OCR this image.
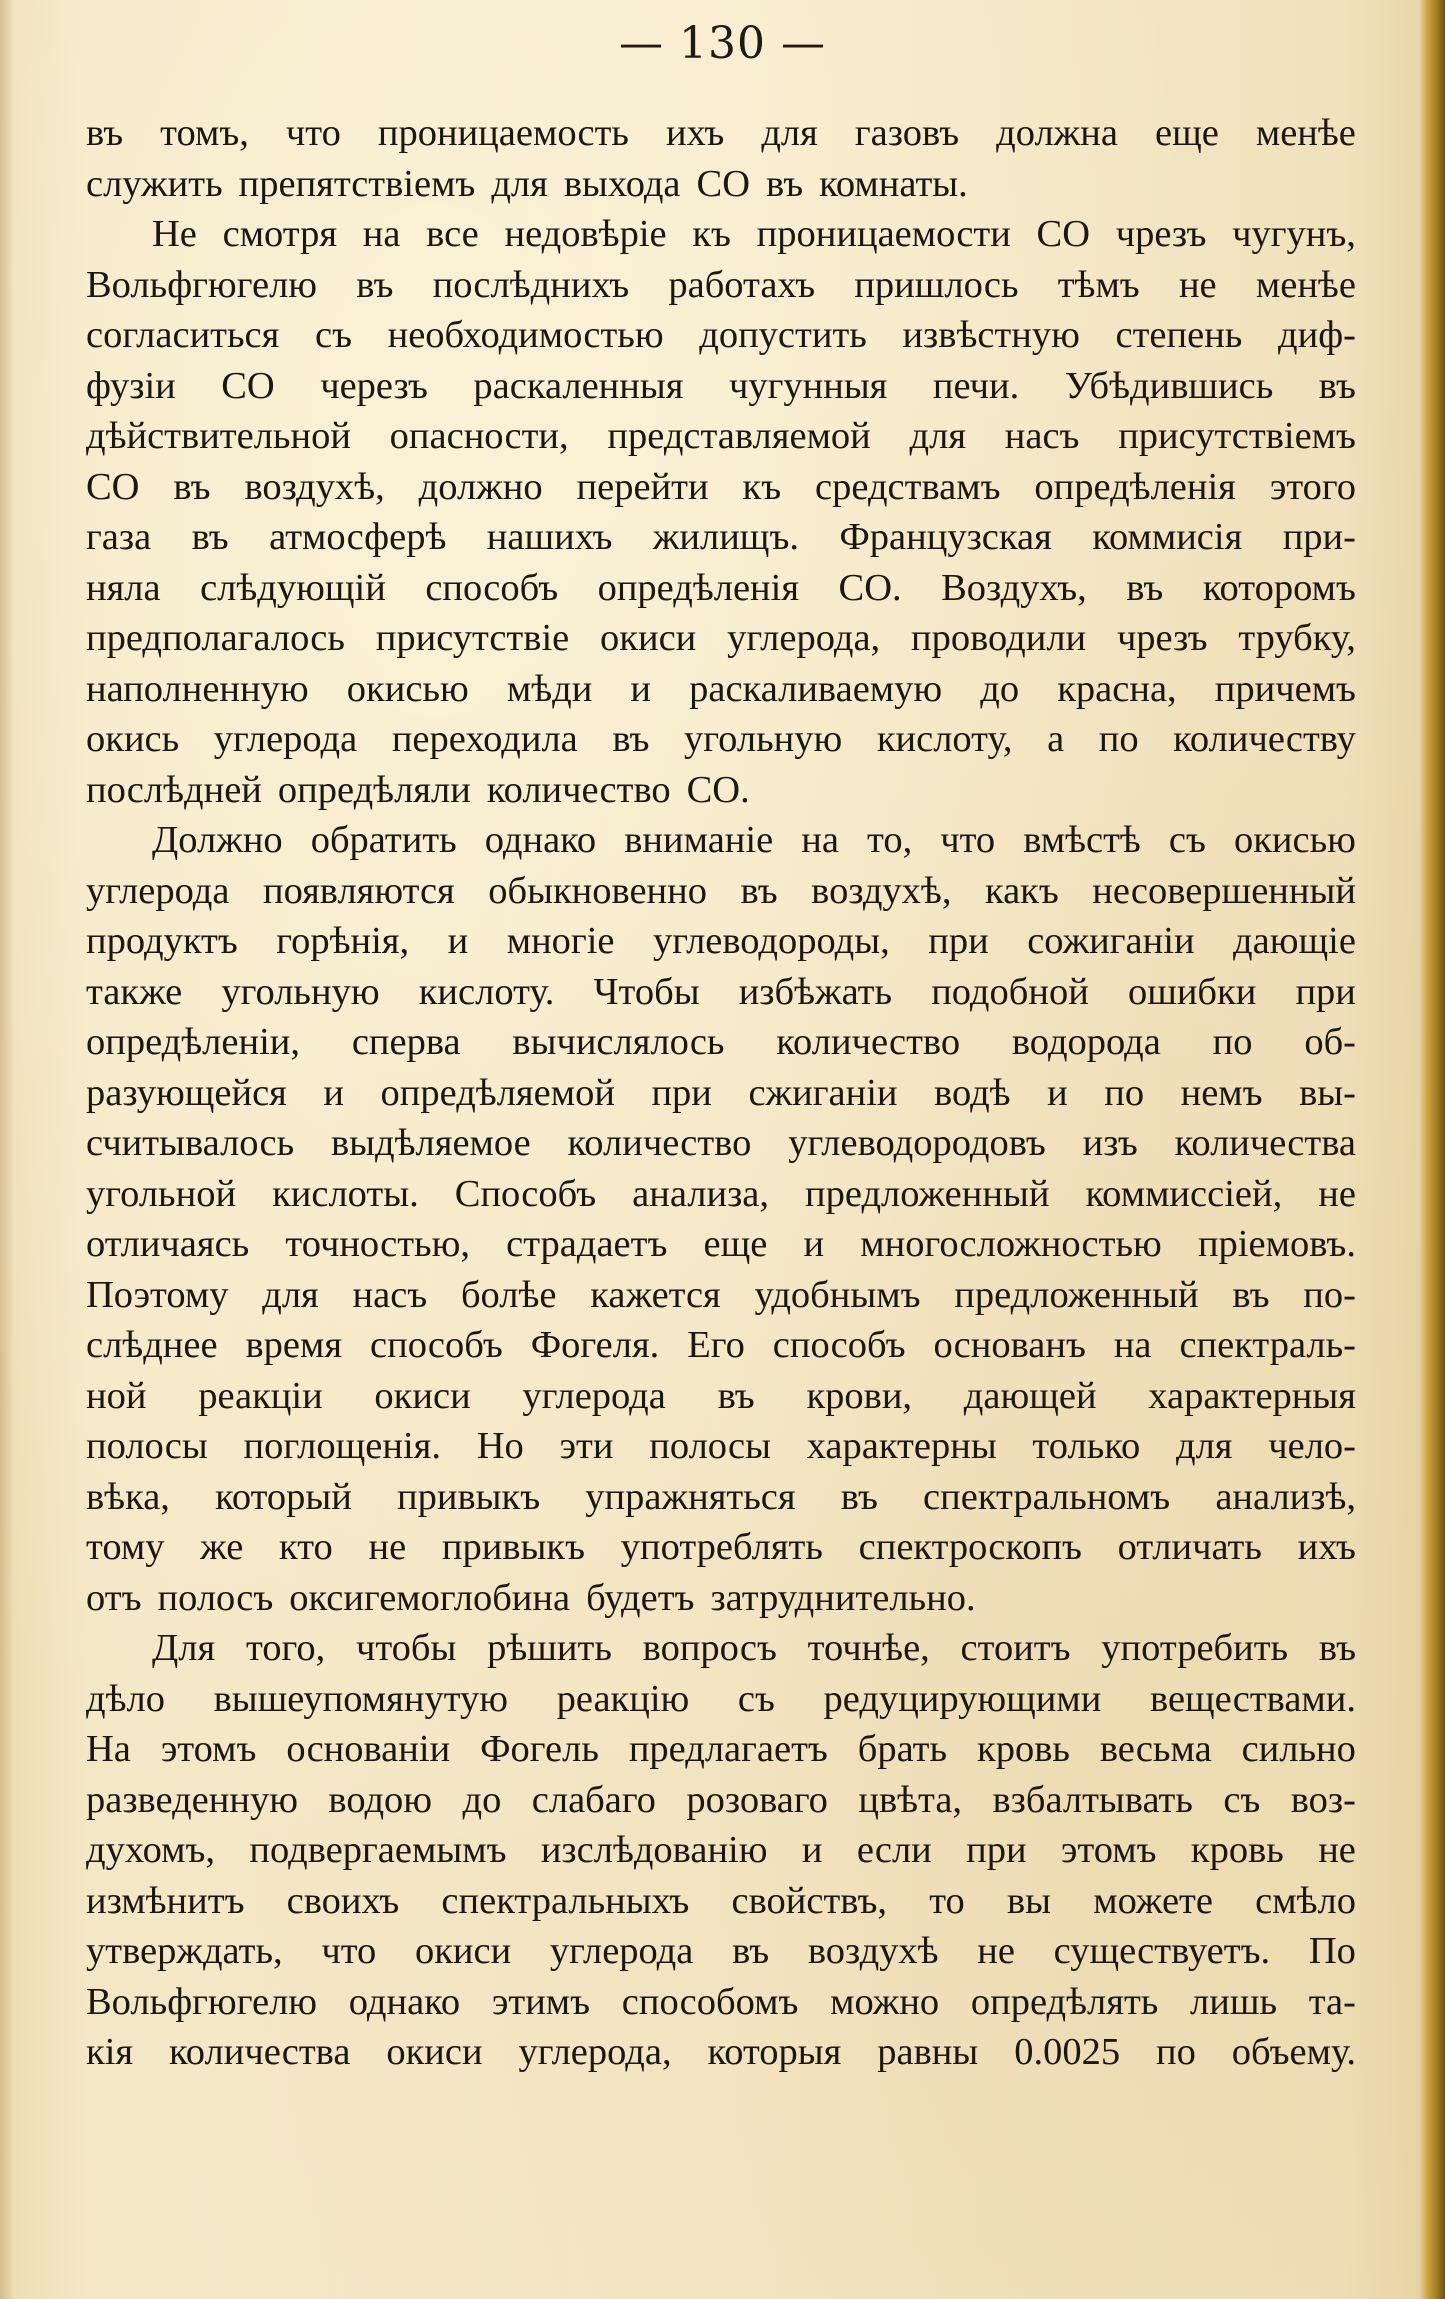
— 130 —
въ томъ, что проницаемость ихъ для газовъ должна еще менѣе
служить препятствіемъ для выхода СО въ комнаты.
Не смотря на все недовѣріе къ проницаемости СО чрезъ чугунъ,
Вольфгюгелю въ послѣднихъ работахъ пришлось тѣмъ не менѣе
согласиться съ необходимостью допустить извѣстную степень диф-
фузіи СО черезъ раскаленныя чугунныя печи. Убѣдившись въ
дѣйствительной опасности, представляемой для насъ присутствіемъ
СО въ воздухѣ, должно перейти къ средствамъ опредѣленія этого
газа въ атмосферѣ нашихъ жилищъ. Французская коммисія при-
няла слѣдующій способъ опредѣленія СО. Воздухъ, въ которомъ
предполагалось присутствіе окиси углерода, проводили чрезъ трубку,
наполненную окисью мѣди и раскаливаемую до красна, причемъ
окись углерода переходила въ угольную кислоту, а по количеству
послѣдней опредѣляли количество СО.
Должно обратить однако вниманіе на то, что вмѣстѣ съ окисью
углерода появляются обыкновенно въ воздухѣ, какъ несовершенный
продуктъ горѣнія, и многіе углеводороды, при сожиганіи дающіе
также угольную кислоту. Чтобы избѣжать подобной ошибки при
опредѣленіи, сперва вычислялось количество водорода по об-
разующейся и опредѣляемой при сжиганіи водѣ и по немъ вы-
считывалось выдѣляемое количество углеводородовъ изъ количества
угольной кислоты. Способъ анализа, предложенный коммиссіей, не
отличаясь точностью, страдаетъ еще и многосложностью пріемовъ.
Поэтому для насъ болѣе кажется удобнымъ предложенный въ по-
слѣднее время способъ Фогеля. Его способъ основанъ на спектраль-
ной реакціи окиси углерода въ крови, дающей характерныя
полосы поглощенія. Но эти полосы характерны только для чело-
вѣка, который привыкъ упражняться въ спектральномъ анализѣ,
тому же кто не привыкъ употреблять спектроскопъ отличать ихъ
отъ полосъ оксигемоглобина будетъ затруднительно.
Для того, чтобы рѣшить вопросъ точнѣе, стоитъ употребить въ
дѣло вышеупомянутую реакцію съ редуцирующими веществами.
На этомъ основаніи Фогель предлагаетъ брать кровь весьма сильно
разведенную водою до слабаго розоваго цвѣта, взбалтывать съ воз-
духомъ, подвергаемымъ изслѣдованію и если при этомъ кровь не
измѣнитъ своихъ спектральныхъ свойствъ, то вы можете смѣло
утверждать, что окиси углерода въ воздухѣ не существуетъ. По
Вольфгюгелю однако этимъ способомъ можно опредѣлять лишь та-
кія количества окиси углерода, которыя равны 0.0025 по объему.
